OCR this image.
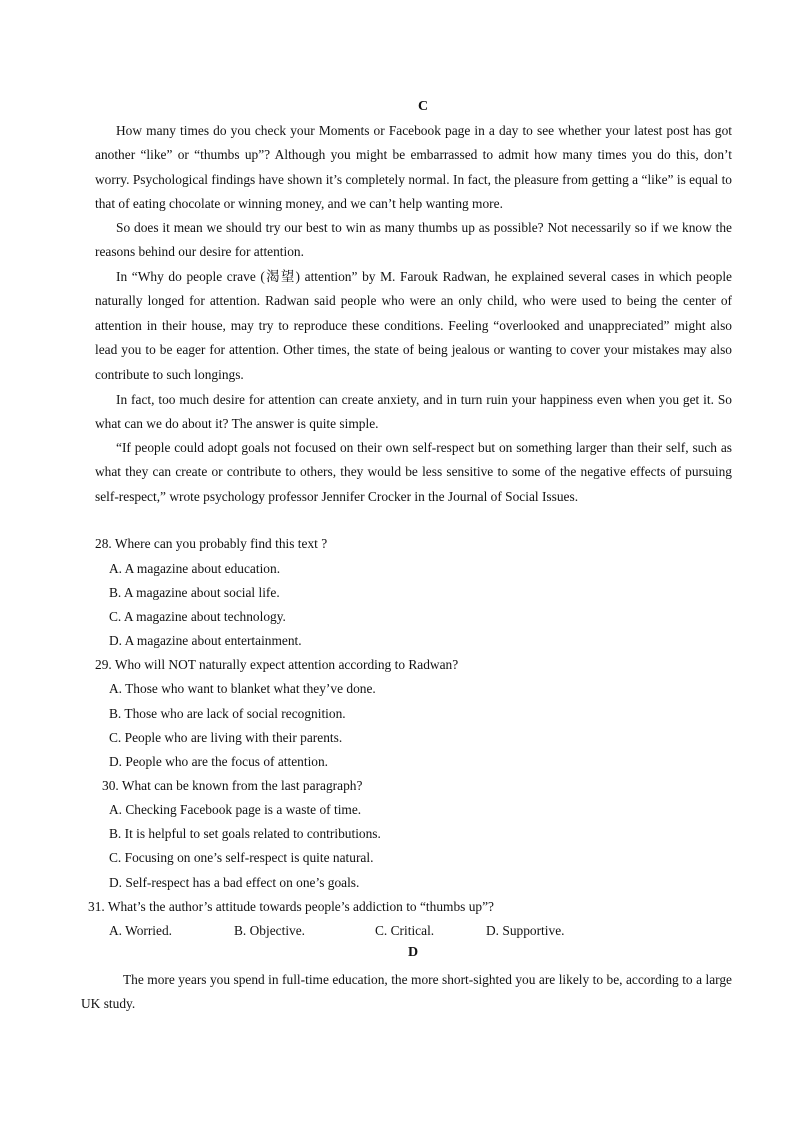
C

How many times do you check your Moments or Facebook page in a day to see whether your latest post has got another “like” or “thumbs up”? Although you might be embarrassed to admit how many times you do this, don’t worry. Psychological findings have shown it’s completely normal. In fact, the pleasure from getting a “like” is equal to that of eating chocolate or winning money, and we can’t help wanting more.

So does it mean we should try our best to win as many thumbs up as possible? Not necessarily so if we know the reasons behind our desire for attention.

In “Why do people crave (渴望) attention” by M. Farouk Radwan, he explained several cases in which people naturally longed for attention. Radwan said people who were an only child, who were used to being the center of attention in their house, may try to reproduce these conditions. Feeling “overlooked and unappreciated” might also lead you to be eager for attention. Other times, the state of being jealous or wanting to cover your mistakes may also contribute to such longings.

In fact, too much desire for attention can create anxiety, and in turn ruin your happiness even when you get it. So what can we do about it? The answer is quite simple.

“If people could adopt goals not focused on their own self-respect but on something larger than their self, such as what they can create or contribute to others, they would be less sensitive to some of the negative effects of pursuing self-respect,” wrote psychology professor Jennifer Crocker in the Journal of Social Issues.

28. Where can you probably find this text ?

A. A magazine about education.

B. A magazine about social life.

C. A magazine about technology.

D. A magazine about entertainment.

29. Who will NOT naturally expect attention according to Radwan?

A. Those who want to blanket what they’ve done.

B. Those who are lack of social recognition.

C. People who are living with their parents.

D. People who are the focus of attention.

30. What can be known from the last paragraph?

A. Checking Facebook page is a waste of time.

B. It is helpful to set goals related to contributions.

C. Focusing on one’s self-respect is quite natural.

D. Self-respect has a bad effect on one’s goals.

31. What’s the author’s attitude towards people’s addiction to “thumbs up”?

A. Worried.	B. Objective.	C. Critical.	D. Supportive.

D

The more years you spend in full-time education, the more short-sighted you are likely to be, according to a large UK study.
